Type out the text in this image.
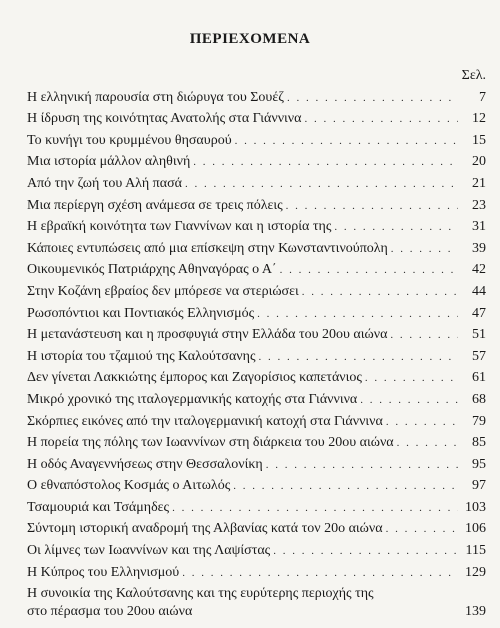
ΠΕΡΙΕΧΟΜΕΝΑ
Σελ.
Η ελληνική παρουσία στη διώρυγα του Σουέζ . . .	7
Η ίδρυση της κοινότητας Ανατολής στα Γιάννινα . . .	12
Το κυνήγι του κρυμμένου θησαυρού . . .	15
Μια ιστορία μάλλον αληθινή . . .	20
Από την ζωή του Αλή πασά . . .	21
Μια περίεργη σχέση ανάμεσα σε τρεις πόλεις . . .	23
Η εβραϊκή κοινότητα των Γιαννίνων και η ιστορία της . . .	31
Κάποιες εντυπώσεις από μια επίσκεψη στην Κωνσταντινούπολη . . .	39
Οικουμενικός Πατριάρχης Αθηναγόρας ο Α΄ . . .	42
Στην Κοζάνη εβραίος δεν μπόρεσε να στεριώσει . . .	44
Ρωσοπόντιοι και Ποντιακός Ελληνισμός . . .	47
Η μετανάστευση και η προσφυγιά στην Ελλάδα του 20ου αιώνα . . .	51
Η ιστορία του τζαμιού της Καλούτσανης . . .	57
Δεν γίνεται Λακκιώτης έμπορος και Ζαγορίσιος καπετάνιος . . .	61
Μικρό χρονικό της ιταλογερμανικής κατοχής στα Γιάννινα . . .	68
Σκόρπιες εικόνες από την ιταλογερμανική κατοχή στα Γιάννινα . . .	79
Η πορεία της πόλης των Ιωαννίνων στη διάρκεια του 20ου αιώνα . . .	85
Η οδός Αναγεννήσεως στην Θεσσαλονίκη . . .	95
Ο εθναπόστολος Κοσμάς ο Αιτωλός . . .	97
Τσαμουριά και Τσάμηδες . . .	103
Σύντομη ιστορική αναδρομή της Αλβανίας κατά τον 20ο αιώνα . . .	106
Οι λίμνες των Ιωαννίνων και της Λαψίστας . . .	115
Η Κύπρος του Ελληνισμού . . .	129
Η συνοικία της Καλούτσανης και της ευρύτερης περιοχής της
στο πέρασμα του 20ου αιώνα	139
